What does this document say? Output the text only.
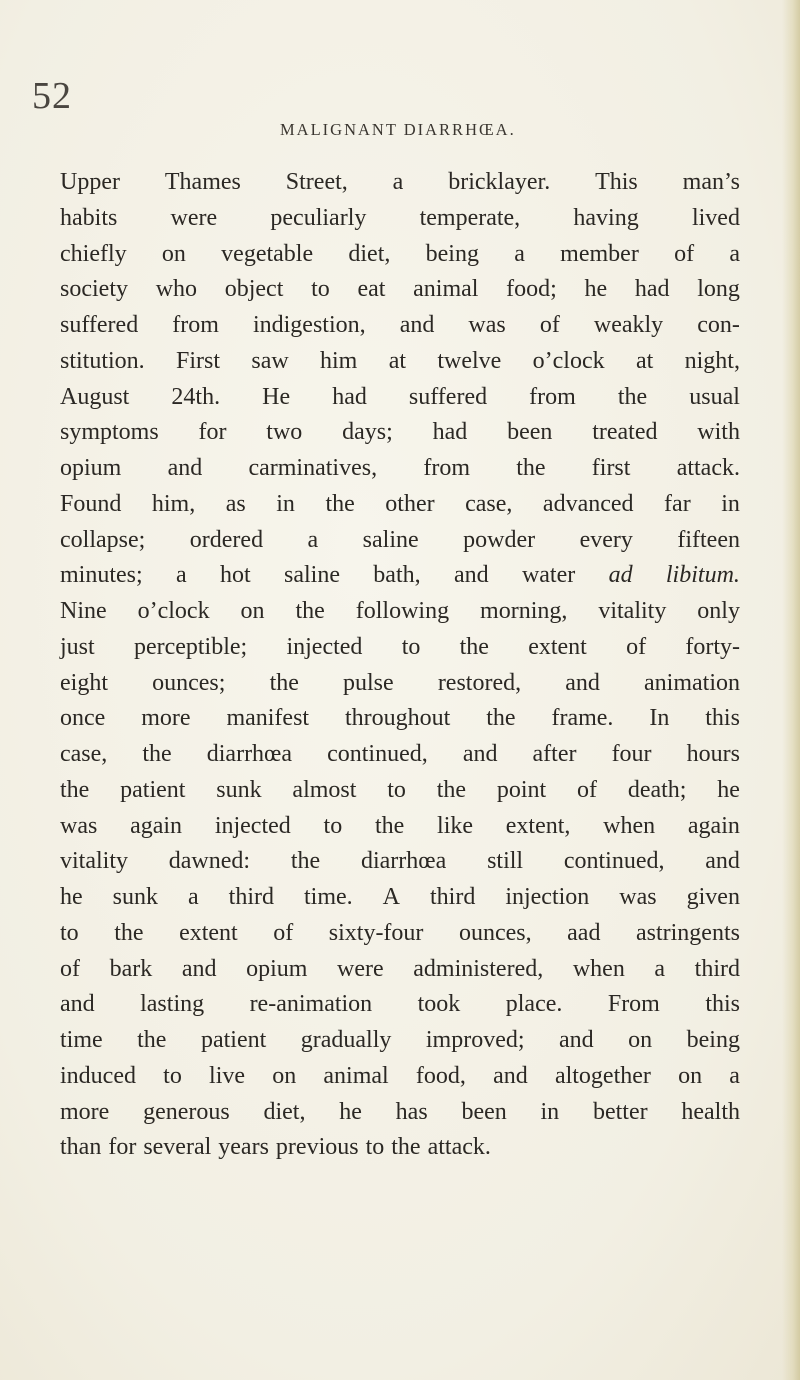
52
MALIGNANT DIARRHŒA.
Upper Thames Street, a bricklayer. This man’s
habits were peculiarly temperate, having lived
chiefly on vegetable diet, being a member of a
society who object to eat animal food; he had long
suffered from indigestion, and was of weakly con-
stitution. First saw him at twelve o’clock at night,
August 24th. He had suffered from the usual
symptoms for two days; had been treated with
opium and carminatives, from the first attack.
Found him, as in the other case, advanced far in
collapse; ordered a saline powder every fifteen
minutes; a hot saline bath, and water ad libitum.
Nine o’clock on the following morning, vitality only
just perceptible; injected to the extent of forty-
eight ounces; the pulse restored, and animation
once more manifest throughout the frame. In this
case, the diarrhœa continued, and after four hours
the patient sunk almost to the point of death; he
was again injected to the like extent, when again
vitality dawned: the diarrhœa still continued, and
he sunk a third time. A third injection was given
to the extent of sixty-four ounces, aad astringents
of bark and opium were administered, when a third
and lasting re-animation took place. From this
time the patient gradually improved; and on being
induced to live on animal food, and altogether on a
more generous diet, he has been in better health
than for several years previous to the attack.
